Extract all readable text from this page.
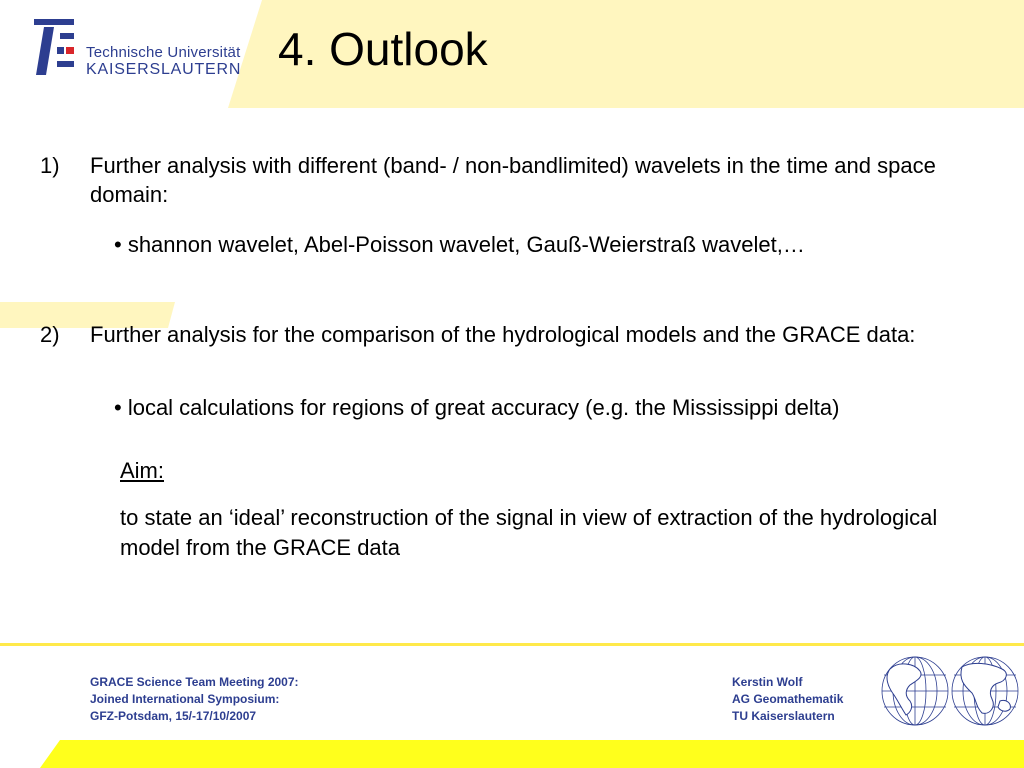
Technische Universität
KAISERSLAUTERN 4. Outlook
1)	Further analysis with different (band- / non-bandlimited) wavelets in the time and space domain:
• shannon wavelet, Abel-Poisson wavelet, Gauß-Weierstraß wavelet,…
2)	Further analysis for the comparison of the hydrological models and the GRACE data:
• local calculations for regions of great accuracy (e.g. the Mississippi delta)
Aim:
to state an ‘ideal’ reconstruction of the signal in view of extraction of the hydrological model from the GRACE data
GRACE Science Team Meeting 2007:
Joined International Symposium:
GFZ-Potsdam, 15/-17/10/2007
Kerstin Wolf
AG Geomathematik
TU Kaiserslautern
